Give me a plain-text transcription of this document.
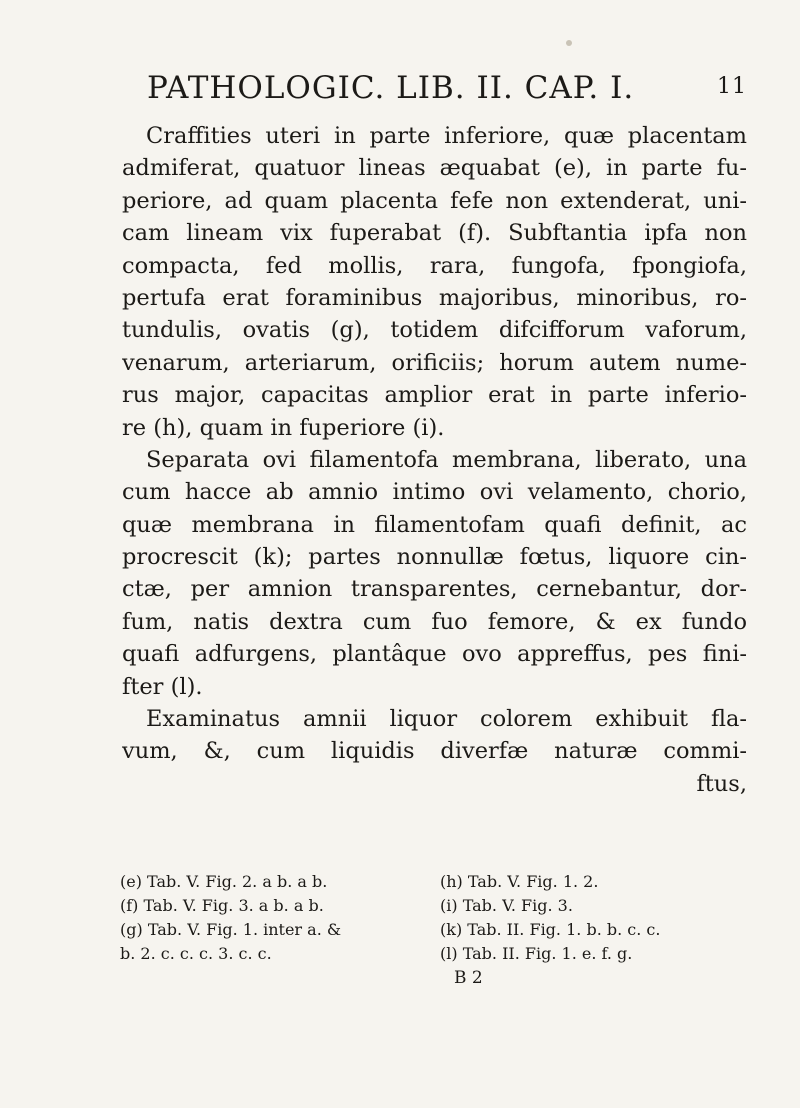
PATHOLOGIC. LIB. II. CAP. I.	11

Craffities uteri in parte inferiore, quæ placentam
admiferat, quatuor lineas æquabat (e), in parte fu-
periore, ad quam placenta fefe non extenderat, uni-
cam lineam vix fuperabat (f). Subftantia ipfa non
compacta, fed mollis, rara, fungofa, fpongiofa,
pertufa erat foraminibus majoribus, minoribus, ro-
tundulis, ovatis (g), totidem difcifforum vaforum,
venarum, arteriarum, orificiis; horum autem nume-
rus major, capacitas amplior erat in parte inferio-
re (h), quam in fuperiore (i).

Separata ovi filamentofa membrana, liberato, una
cum hacce ab amnio intimo ovi velamento, chorio,
quæ membrana in filamentofam quafi definit, ac
procrescit (k); partes nonnullæ fœtus, liquore cin-
ctæ, per amnion transparentes, cernebantur, dor-
fum, natis dextra cum fuo femore, & ex fundo
quafi adfurgens, plantâque ovo appreffus, pes fini-
fter (l).

Examinatus amnii liquor colorem exhibuit fla-
vum, &, cum liquidis diverfæ naturæ commi-
ftus,

(e) Tab. V. Fig. 2. a b. a b.
(f) Tab. V. Fig. 3. a b. a b.
(g) Tab. V. Fig. 1. inter a. &
b. 2. c. c. c. 3. c. c.
(h) Tab. V. Fig. 1. 2.
(i) Tab. V. Fig. 3.
(k) Tab. II. Fig. 1. b. b. c. c.
(l) Tab. II. Fig. 1. e. f. g.
B 2
